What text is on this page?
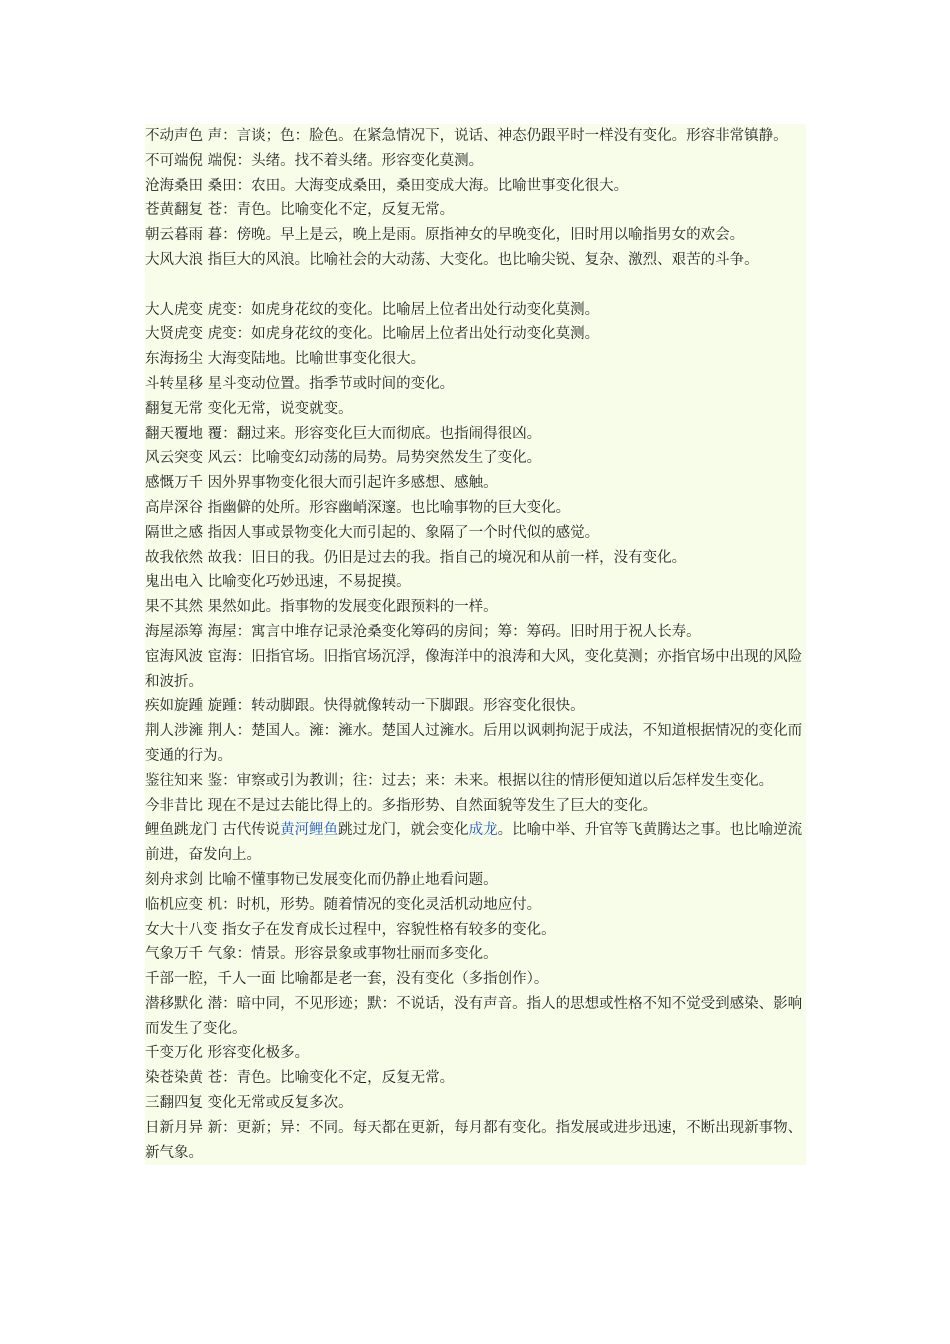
不动声色 声：言谈；色：脸色。在紧急情况下，说话、神态仍跟平时一样没有变化。形容非常镇静。

不可端倪 端倪：头绪。找不着头绪。形容变化莫测。

沧海桑田 桑田：农田。大海变成桑田，桑田变成大海。比喻世事变化很大。

苍黄翻复 苍：青色。比喻变化不定，反复无常。

朝云暮雨 暮：傍晚。早上是云，晚上是雨。原指神女的早晚变化，旧时用以喻指男女的欢会。

大风大浪 指巨大的风浪。比喻社会的大动荡、大变化。也比喻尖锐、复杂、激烈、艰苦的斗争。

大人虎变 虎变：如虎身花纹的变化。比喻居上位者出处行动变化莫测。

大贤虎变 虎变：如虎身花纹的变化。比喻居上位者出处行动变化莫测。

东海扬尘 大海变陆地。比喻世事变化很大。

斗转星移 星斗变动位置。指季节或时间的变化。

翻复无常 变化无常，说变就变。

翻天覆地 覆：翻过来。形容变化巨大而彻底。也指闹得很凶。

风云突变 风云：比喻变幻动荡的局势。局势突然发生了变化。

感慨万千 因外界事物变化很大而引起许多感想、感触。

高岸深谷 指幽僻的处所。形容幽峭深邃。也比喻事物的巨大变化。

隔世之感 指因人事或景物变化大而引起的、象隔了一个时代似的感觉。

故我依然 故我：旧日的我。仍旧是过去的我。指自己的境况和从前一样，没有变化。

鬼出电入 比喻变化巧妙迅速，不易捉摸。

果不其然 果然如此。指事物的发展变化跟预料的一样。

海屋添筹 海屋：寓言中堆存记录沧桑变化筹码的房间；筹：筹码。旧时用于祝人长寿。

宦海风波 宦海：旧指官场。旧指官场沉浮，像海洋中的浪涛和大风，变化莫测；亦指官场中出现的风险和波折。

疾如旋踵 旋踵：转动脚跟。快得就像转动一下脚跟。形容变化很快。

荆人涉澭 荆人：楚国人。澭：澭水。楚国人过澭水。后用以讽刺拘泥于成法，不知道根据情况的变化而变通的行为。

鉴往知来 鉴：审察或引为教训；往：过去；来：未来。根据以往的情形便知道以后怎样发生变化。

今非昔比 现在不是过去能比得上的。多指形势、自然面貌等发生了巨大的变化。

鲤鱼跳龙门 古代传说黄河鲤鱼跳过龙门，就会变化成龙。比喻中举、升官等飞黄腾达之事。也比喻逆流前进，奋发向上。

刻舟求剑 比喻不懂事物已发展变化而仍静止地看问题。

临机应变 机：时机，形势。随着情况的变化灵活机动地应付。

女大十八变 指女子在发育成长过程中，容貌性格有较多的变化。

气象万千 气象：情景。形容景象或事物壮丽而多变化。

千部一腔，千人一面 比喻都是老一套，没有变化（多指创作）。

潜移默化 潜：暗中同，不见形迹；默：不说话，没有声音。指人的思想或性格不知不觉受到感染、影响而发生了变化。

千变万化 形容变化极多。

染苍染黄 苍：青色。比喻变化不定，反复无常。

三翻四复 变化无常或反复多次。

日新月异 新：更新；异：不同。每天都在更新，每月都有变化。指发展或进步迅速，不断出现新事物、新气象。
